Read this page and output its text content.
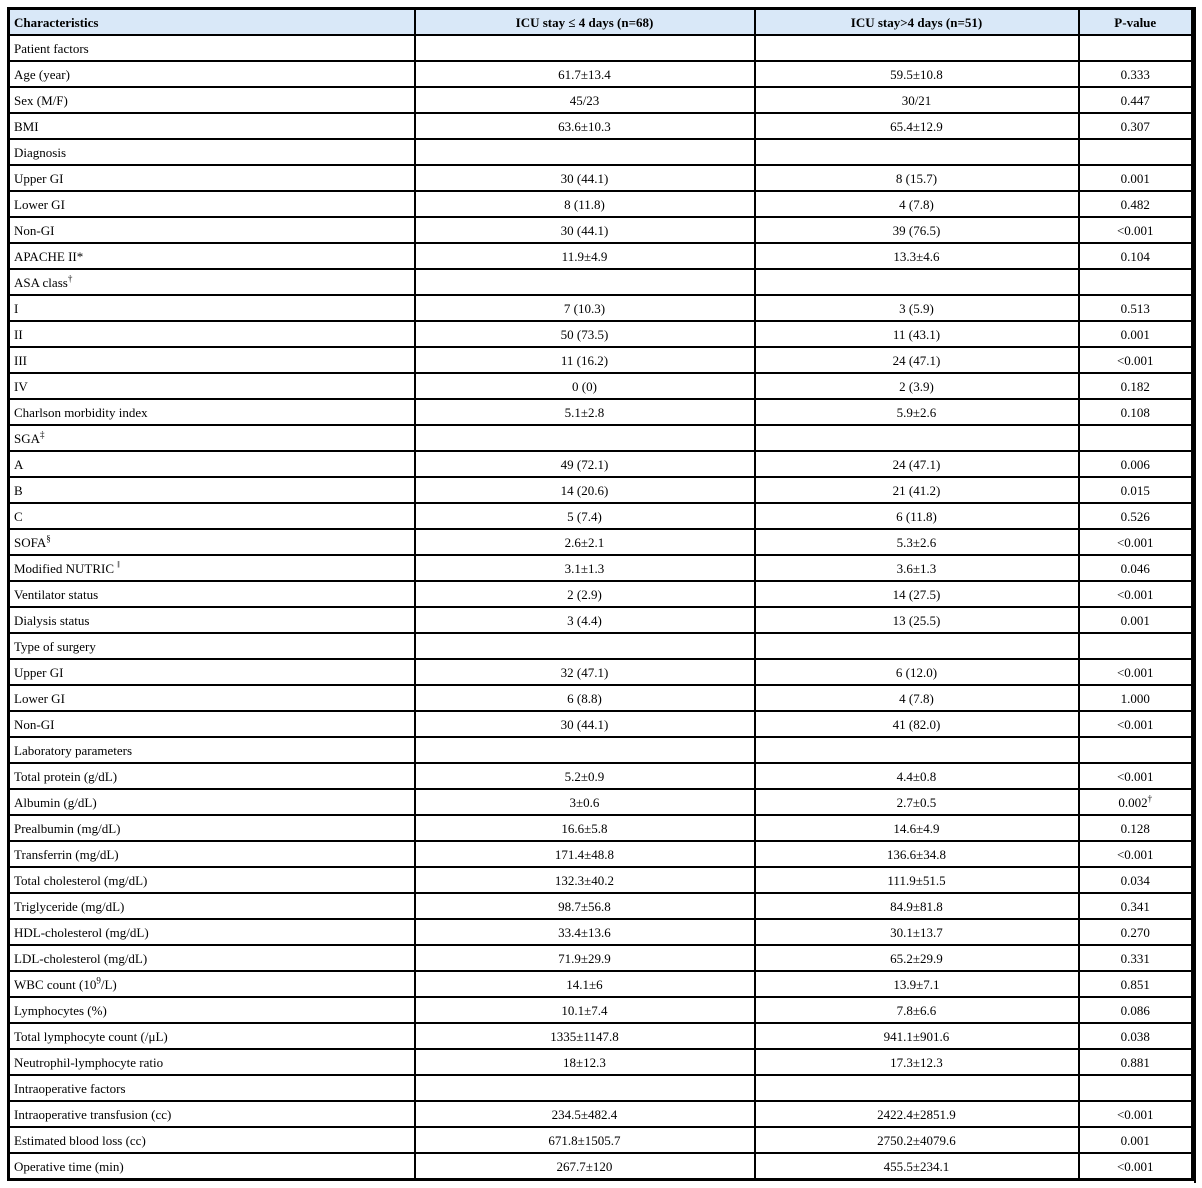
Characteristics	ICU stay ≤ 4 days (n=68)	ICU stay>4 days (n=51)	P-value
Patient factors			
Age (year)	61.7±13.4	59.5±10.8	0.333
Sex (M/F)	45/23	30/21	0.447
BMI	63.6±10.3	65.4±12.9	0.307
Diagnosis			
Upper GI	30 (44.1)	8 (15.7)	0.001
Lower GI	8 (11.8)	4 (7.8)	0.482
Non-GI	30 (44.1)	39 (76.5)	<0.001
APACHE II*	11.9±4.9	13.3±4.6	0.104
ASA class†			
I	7 (10.3)	3 (5.9)	0.513
II	50 (73.5)	11 (43.1)	0.001
III	11 (16.2)	24 (47.1)	<0.001
IV	0 (0)	2 (3.9)	0.182
Charlson morbidity index	5.1±2.8	5.9±2.6	0.108
SGA‡			
A	49 (72.1)	24 (47.1)	0.006
B	14 (20.6)	21 (41.2)	0.015
C	5 (7.4)	6 (11.8)	0.526
SOFA§	2.6±2.1	5.3±2.6	<0.001
Modified NUTRIC ‖	3.1±1.3	3.6±1.3	0.046
Ventilator status	2 (2.9)	14 (27.5)	<0.001
Dialysis status	3 (4.4)	13 (25.5)	0.001
Type of surgery			
Upper GI	32 (47.1)	6 (12.0)	<0.001
Lower GI	6 (8.8)	4 (7.8)	1.000
Non-GI	30 (44.1)	41 (82.0)	<0.001
Laboratory parameters			
Total protein (g/dL)	5.2±0.9	4.4±0.8	<0.001
Albumin (g/dL)	3±0.6	2.7±0.5	0.002†
Prealbumin (mg/dL)	16.6±5.8	14.6±4.9	0.128
Transferrin (mg/dL)	171.4±48.8	136.6±34.8	<0.001
Total cholesterol (mg/dL)	132.3±40.2	111.9±51.5	0.034
Triglyceride (mg/dL)	98.7±56.8	84.9±81.8	0.341
HDL-cholesterol (mg/dL)	33.4±13.6	30.1±13.7	0.270
LDL-cholesterol (mg/dL)	71.9±29.9	65.2±29.9	0.331
WBC count $(10^9/L)$	14.1±6	13.9±7.1	0.851
Lymphocytes (%)	10.1±7.4	7.8±6.6	0.086
Total lymphocyte count (/μL)	1335±1147.8	941.1±901.6	0.038
Neutrophil-lymphocyte ratio	18±12.3	17.3±12.3	0.881
Intraoperative factors			
Intraoperative transfusion (cc)	234.5±482.4	2422.4±2851.9	<0.001
Estimated blood loss (cc)	671.8±1505.7	2750.2±4079.6	0.001
Operative time (min)	267.7±120	455.5±234.1	<0.001
